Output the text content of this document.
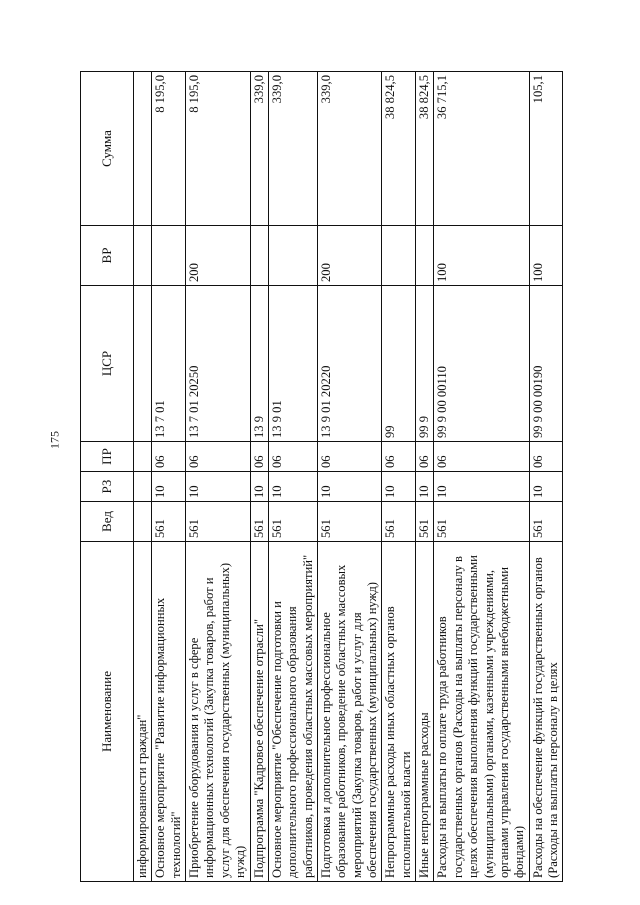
175
Наименование	Вед	РЗ	ПР	ЦСР	ВР	Сумма
информированности граждан"						
Основное мероприятие "Развитие информационных технологий"	561	10	06	13 7 01		8 195,0
Приобретение оборудования и услуг в сфере информационных технологий (Закупка товаров, работ и услуг для обеспечения государственных (муниципальных) нужд)	561	10	06	13 7 01 20250	200	8 195,0
Подпрограмма "Кадровое обеспечение отрасли"	561	10	06	13 9		339,0
Основное мероприятие "Обеспечение подготовки и дополнительного профессионального образования работников, проведения областных массовых мероприятий"	561	10	06	13 9 01		339,0
Подготовка и дополнительное профессиональное образование работников, проведение областных массовых мероприятий (Закупка товаров, работ и услуг для обеспечения государственных (муниципальных) нужд)	561	10	06	13 9 01 20220	200	339,0
Непрограммные расходы иных областных органов исполнительной власти	561	10	06	99		38 824,5
Иные непрограммные расходы	561	10	06	99 9		38 824,5
Расходы на выплаты по оплате труда работников государственных органов (Расходы на выплаты персоналу в целях обеспечения выполнения функций государственными (муниципальными) органами, казенными учреждениями, органами управления государственными внебюджетными фондами)	561	10	06	99 9 00 00110	100	36 715,1
Расходы на обеспечение функций государственных органов (Расходы на выплаты персоналу в целях	561	10	06	99 9 00 00190	100	105,1
